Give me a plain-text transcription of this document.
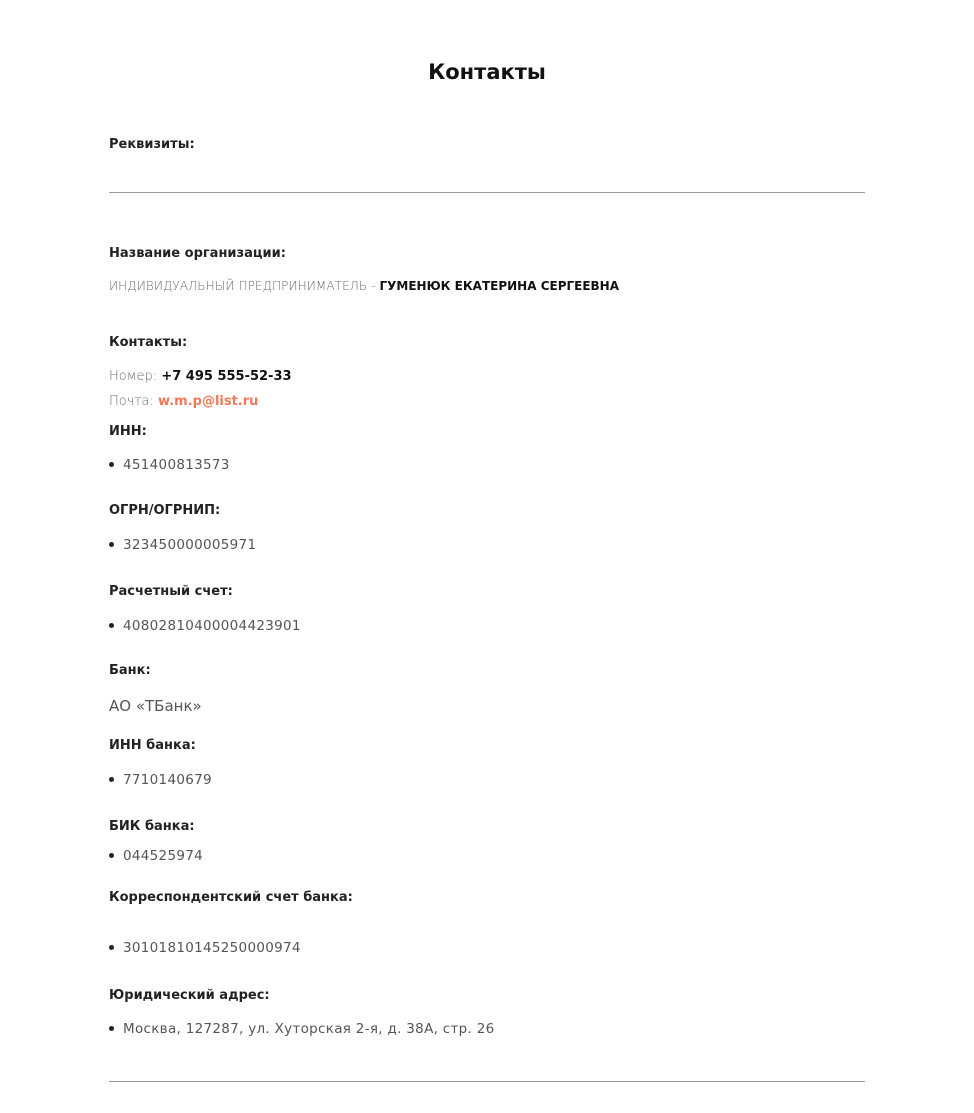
Контакты
Реквизиты:
Название организации:
ИНДИВИДУАЛЬНЫЙ ПРЕДПРИНИМАТЕЛЬ - ГУМЕНЮК ЕКАТЕРИНА СЕРГЕЕВНА
Контакты:
Номер: +7 495 555-52-33
Почта: w.m.p@list.ru
ИНН:
451400813573
ОГРН/ОГРНИП:
323450000005971
Расчетный счет:
40802810400004423901
Банк:
АО «ТБанк»
ИНН банка:
7710140679
БИК банка:
044525974
Корреспондентский счет банка:
30101810145250000974
Юридический адрес:
Москва, 127287, ул. Хуторская 2-я, д. 38А, стр. 26
